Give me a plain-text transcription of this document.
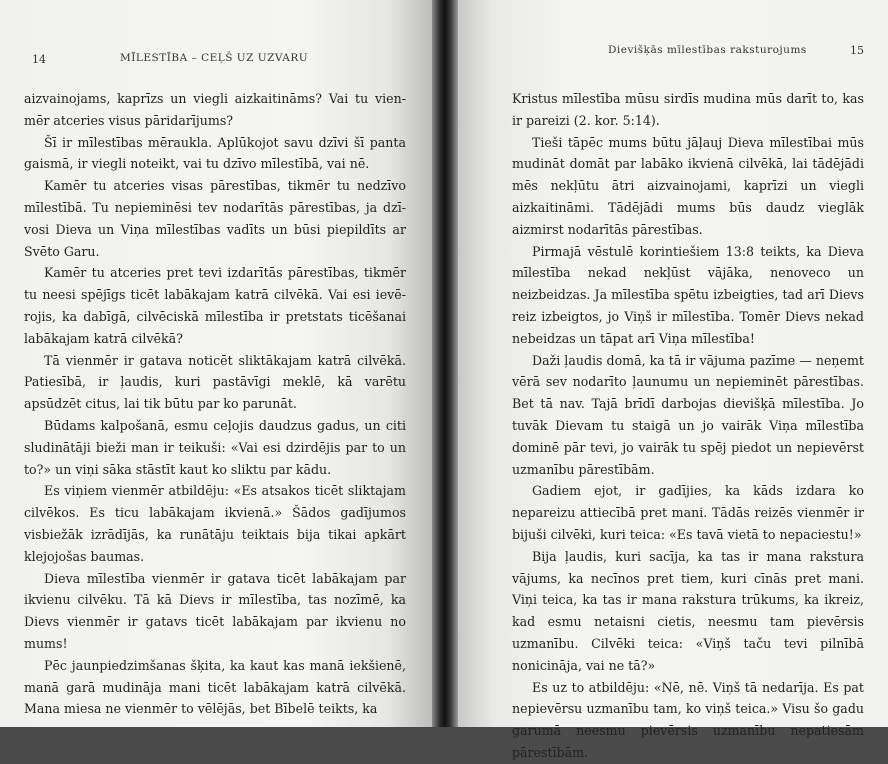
14	MĪLESTĪBA – CEĻŠ UZ UZVARU

aizvainojams, kaprīzs un viegli aizkaitināms? Vai tu vienmēr atceries visus pāridarījums?

Šī ir mīlestības mēraukla. Aplūkojot savu dzīvi šī panta gaismā, ir viegli noteikt, vai tu dzīvo mīlestībā, vai nē.

Kamēr tu atceries visas pārestības, tikmēr tu nedzīvo mīlestībā. Tu nepieminēsi tev nodarītās pārestības, ja dzīvosi Dieva un Viņa mīlestības vadīts un būsi piepildīts ar Svēto Garu.

Kamēr tu atceries pret tevi izdarītās pārestības, tikmēr tu neesi spējīgs ticēt labākajam katrā cilvēkā. Vai esi ievērojis, ka dabīgā, cilvēciskā mīlestība ir pretstats ticēšanai labākajam katrā cilvēkā?

Tā vienmēr ir gatava noticēt sliktākajam katrā cilvēkā. Patiesībā, ir ļaudis, kuri pastāvīgi meklē, kā varētu apsūdzēt citus, lai tik būtu par ko parunāt.

Būdams kalpošanā, esmu ceļojis daudzus gadus, un citi sludinātāji bieži man ir teikuši: «Vai esi dzirdējis par to un to?» un viņi sāka stāstīt kaut ko sliktu par kādu.

Es viņiem vienmēr atbildēju: «Es atsakos ticēt sliktajam cilvēkos. Es ticu labākajam ikvienā.» Šādos gadījumos visbiežāk izrādījās, ka runātāju teiktais bija tikai apkārt klejojošas baumas.

Dieva mīlestība vienmēr ir gatava ticēt labākajam par ikvienu cilvēku. Tā kā Dievs ir mīlestība, tas nozīmē, ka Dievs vienmēr ir gatavs ticēt labākajam par ikvienu no mums!

Pēc jaunpiedzimšanas šķita, ka kaut kas manā iekšienē, manā garā mudināja mani ticēt labākajam katrā cilvēkā. Mana miesa ne vienmēr to vēlējās, bet Bībelē teikts, ka

Dievišķās mīlestības raksturojums	15

Kristus mīlestība mūsu sirdīs mudina mūs darīt to, kas ir pareizi (2. kor. 5:14).

Tieši tāpēc mums būtu jāļauj Dieva mīlestībai mūs mudināt domāt par labāko ikvienā cilvēkā, lai tādējādi mēs nekļūtu ātri aizvainojami, kaprīzi un viegli aizkaitināmi. Tādējādi mums būs daudz vieglāk aizmirst nodarītās pārestības.

Pirmajā vēstulē korintiešiem 13:8 teikts, ka Dieva mīlestība nekad nekļūst vājāka, nenoveco un neizbeidzas. Ja mīlestība spētu izbeigties, tad arī Dievs reiz izbeigtos, jo Viņš ir mīlestība. Tomēr Dievs nekad nebeidzas un tāpat arī Viņa mīlestība!

Daži ļaudis domā, ka tā ir vājuma pazīme — neņemt vērā sev nodarīto ļaunumu un nepieminēt pārestības. Bet tā nav. Tajā brīdī darbojas dievišķā mīlestība. Jo tuvāk Dievam tu staigā un jo vairāk Viņa mīlestība dominē pār tevi, jo vairāk tu spēj piedot un nepievērst uzmanību pārestībām.

Gadiem ejot, ir gadījies, ka kāds izdara ko nepareizu attiecībā pret mani. Tādās reizēs vienmēr ir bijuši cilvēki, kuri teica: «Es tavā vietā to nepaciestu!»

Bija ļaudis, kuri sacīja, ka tas ir mana rakstura vājums, ka necīnos pret tiem, kuri cīnās pret mani. Viņi teica, ka tas ir mana rakstura trūkums, ka ikreiz, kad esmu netaisni cietis, neesmu tam pievērsis uzmanību. Cilvēki teica: «Viņš taču tevi pilnībā nonicināja, vai ne tā?»

Es uz to atbildēju: «Nē, nē. Viņš tā nedarīja. Es pat nepievērsu uzmanību tam, ko viņš teica.» Visu šo gadu garumā neesmu pievērsis uzmanību nepatiesām pārestībām.
